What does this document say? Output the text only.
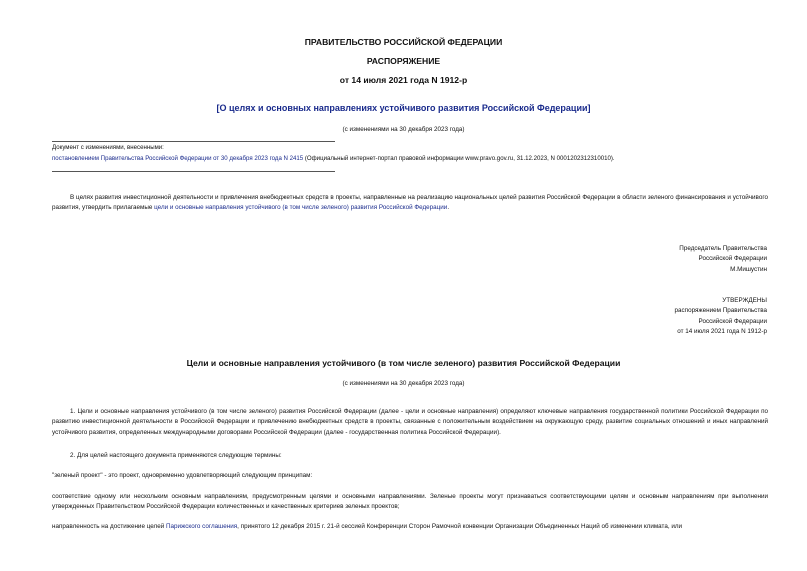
ПРАВИТЕЛЬСТВО РОССИЙСКОЙ ФЕДЕРАЦИИ
РАСПОРЯЖЕНИЕ
от 14 июля 2021 года N 1912-р
[О целях и основных направлениях устойчивого развития Российской Федерации]
(с изменениями на 30 декабря 2023 года)
Документ с изменениями, внесенными:
постановлением Правительства Российской Федерации от 30 декабря 2023 года N 2415 (Официальный интернет-портал правовой информации www.pravo.gov.ru, 31.12.2023, N 0001202312310010).
В целях развития инвестиционной деятельности и привлечения внебюджетных средств в проекты, направленные на реализацию национальных целей развития Российской Федерации в области зеленого финансирования и устойчивого развития, утвердить прилагаемые цели и основные направления устойчивого (в том числе зеленого) развития Российской Федерации.
Председатель Правительства
Российской Федерации
М.Мишустин
УТВЕРЖДЕНЫ
распоряжением Правительства
Российской Федерации
от 14 июля 2021 года N 1912-р
Цели и основные направления устойчивого (в том числе зеленого) развития Российской Федерации
(с изменениями на 30 декабря 2023 года)
1. Цели и основные направления устойчивого (в том числе зеленого) развития Российской Федерации (далее - цели и основные направления) определяют ключевые направления государственной политики Российской Федерации по развитию инвестиционной деятельности в Российской Федерации и привлечению внебюджетных средств в проекты, связанные с положительным воздействием на окружающую среду, развитие социальных отношений и иных направлений устойчивого развития, определенных международными договорами Российской Федерации (далее - государственная политика Российской Федерации).
2. Для целей настоящего документа применяются следующие термины:
"зеленый проект" - это проект, одновременно удовлетворяющий следующим принципам:
соответствие одному или нескольким основным направлениям, предусмотренным целями и основными направлениями. Зеленые проекты могут признаваться соответствующими целям и основным направлениям при выполнении утвержденных Правительством Российской Федерации количественных и качественных критериев зеленых проектов;
направленность на достижение целей Парижского соглашения, принятого 12 декабря 2015 г. 21-й сессией Конференции Сторон Рамочной конвенции Организации Объединенных Наций об изменении климата, или
